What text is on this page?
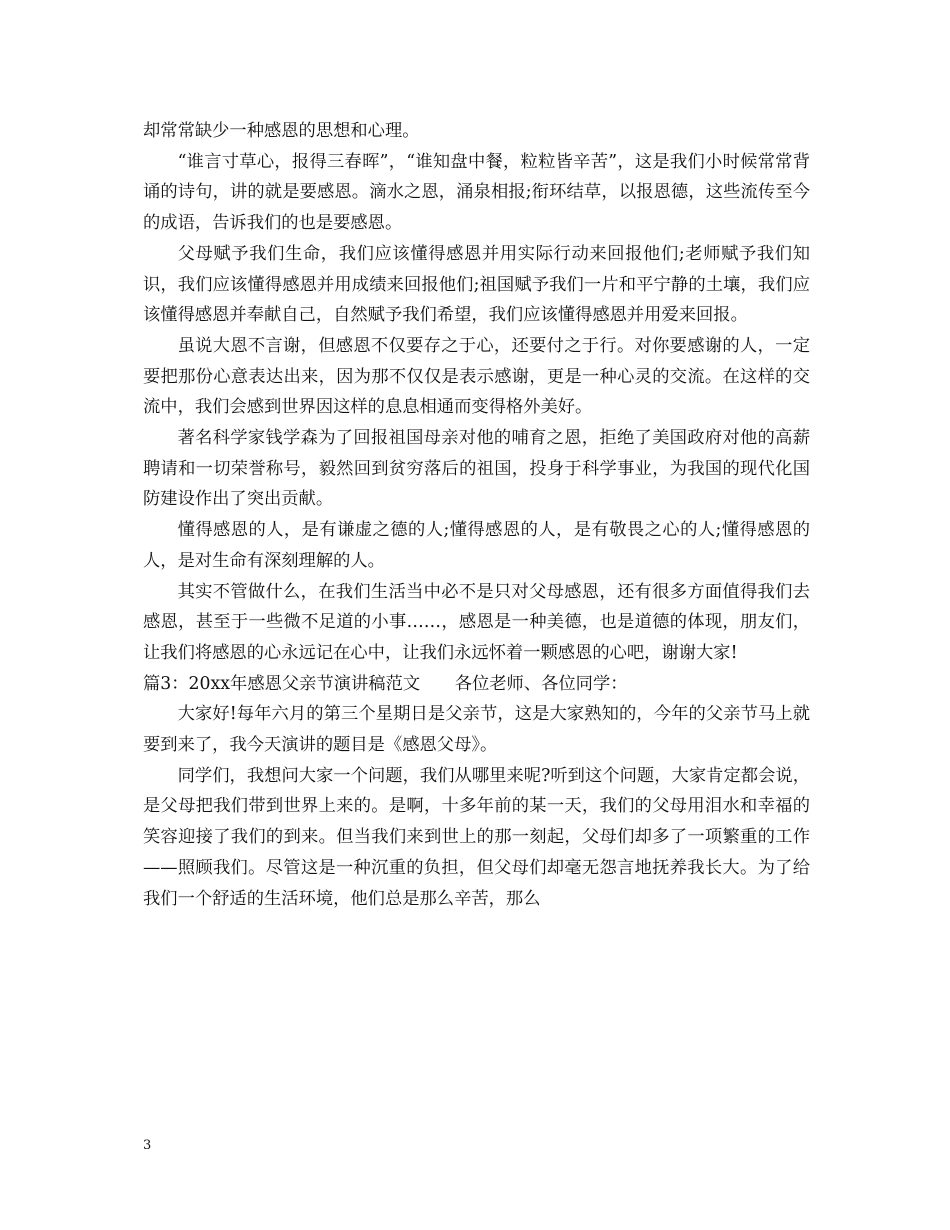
却常常缺少一种感恩的思想和心理。

“谁言寸草心，报得三春晖”，“谁知盘中餐，粒粒皆辛苦”，这是我们小时候常常背诵的诗句，讲的就是要感恩。滴水之恩，涌泉相报;衔环结草，以报恩德，这些流传至今的成语，告诉我们的也是要感恩。

父母赋予我们生命，我们应该懂得感恩并用实际行动来回报他们;老师赋予我们知识，我们应该懂得感恩并用成绩来回报他们;祖国赋予我们一片和平宁静的土壤，我们应该懂得感恩并奉献自己，自然赋予我们希望，我们应该懂得感恩并用爱来回报。

虽说大恩不言谢，但感恩不仅要存之于心，还要付之于行。对你要感谢的人，一定要把那份心意表达出来，因为那不仅仅是表示感谢，更是一种心灵的交流。在这样的交流中，我们会感到世界因这样的息息相通而变得格外美好。

著名科学家钱学森为了回报祖国母亲对他的哺育之恩，拒绝了美国政府对他的高薪聘请和一切荣誉称号，毅然回到贫穷落后的祖国，投身于科学事业，为我国的现代化国防建设作出了突出贡献。

懂得感恩的人，是有谦虚之德的人;懂得感恩的人，是有敬畏之心的人;懂得感恩的人，是对生命有深刻理解的人。

其实不管做什么，在我们生活当中必不是只对父母感恩，还有很多方面值得我们去感恩，甚至于一些微不足道的小事……，感恩是一种美德，也是道德的体现，朋友们，让我们将感恩的心永远记在心中，让我们永远怀着一颗感恩的心吧，谢谢大家!

篇3：20xx年感恩父亲节演讲稿范文　　各位老师、各位同学：

大家好!每年六月的第三个星期日是父亲节，这是大家熟知的，今年的父亲节马上就要到来了，我今天演讲的题目是《感恩父母》。

同学们，我想问大家一个问题，我们从哪里来呢?听到这个问题，大家肯定都会说，是父母把我们带到世界上来的。是啊，十多年前的某一天，我们的父母用泪水和幸福的笑容迎接了我们的到来。但当我们来到世上的那一刻起，父母们却多了一项繁重的工作——照顾我们。尽管这是一种沉重的负担，但父母们却毫无怨言地抚养我长大。为了给我们一个舒适的生活环境，他们总是那么辛苦，那么

3
